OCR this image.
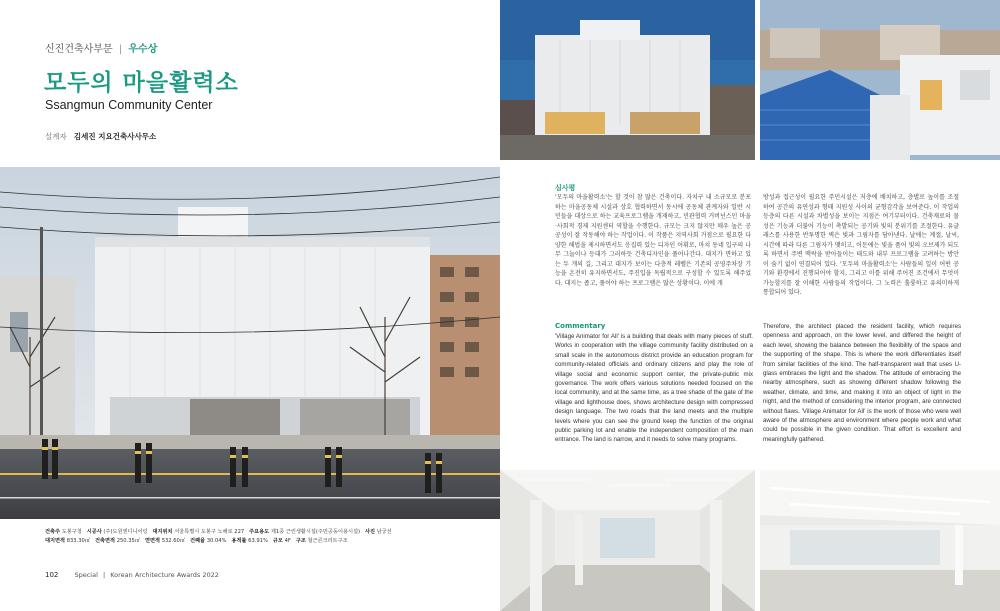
신진건축사부문 | 우수상
모두의 마을활력소
Ssangmun Community Center
설계자 김세진 지요건축사사무소
심사평

'모두의 마을활력소'는 할 것이 참 많은 건축이다. 자치구 내 소규모로 분포하는 마을공동체 시설과 상호 협력하면서 동시에 공동체 관계자와 일반 시민들을 대상으로 하는 교육프로그램을 개재하고, 민관협력 거버넌스인 마을·사회적 경제 지원센터 역할을 수행한다. 규모는 크지 않지만 매우 높은 공공성이 잘 작동해야 하는 작업이다. 이 작품은 지역사회 거점으로 필요한 다양한 해법을 제시하면서도 응집력 있는 디자인 어휘로, 마치 동네 입구의 나무 그늘이나 등대가 그러하듯 건축디자인을 풀어나간다. 대지가 면하고 있는 두 개의 길, 그리고 대지가 보이는 다층적 레벨은 기존의 공영주차장 기능을 온전히 유지하면서도, 주진입을 독립적으로 구성할 수 있도록 해주었다. 대지는 좁고, 풀어야 하는 프로그램은 많은 상황이다. 이에 개

방성과 접근성이 필요한 주민시설은 저층에 배치하고, 층별로 높이를 조절하여 공간의 유연성과 형태 지원성 사이의 균형감각을 보여준다. 이 작업의 등층의 다른 시설과 차별성을 보이는 지점은 여기부터이다. 건축재료의 물성은 기능과 더불어 기능이 촉발되는 공기와 빛의 분위기를 조절한다. 유글래스를 사용한 반투명한 벽은 빛과 그림자를 담아낸다. 날에는 계절, 날씨, 시간에 따라 다른 그림자가 맺히고, 어둔에는 빛을 품어 빛의 오브제가 되도록 하면서 주변 맥락을 받아들이는 태도와 내부 프로그램을 고려하는 방안이 숨기 없이 연결되어 있다. '모두의 마을활력소'는 사람들의 일이 어떤 공기와 환경에서 진행되어야 할지, 그리고 이를 위해 주어진 조건에서 무엇이 가능할지를 잘 이해한 사람들의 작업이다. 그 노력은 훌륭하고 유의미하게 통합되어 있다.

Commentary

'Village Animator for All' is a building that deals with many pieces of stuff. Works in cooperation with the village community facility distributed on a small scale in the autonomous district provide an education program for community-related officials and ordinary citizens and play the role of village social and economic support center, the private-public mix governance. The work offers various solutions needed focused on the local community, and at the same time, as a tree shade of the gate of the village and lighthouse does, shows architecture design with compressed design language. The two roads that the land meets and the multiple levels where you can see the ground keep the function of the original public parking lot and enable the independent composition of the main entrance. The land is narrow, and it needs to solve many programs.

Therefore, the architect placed the resident facility, which requires openness and approach, on the lower level, and differed the height of each level, showing the balance between the flexibility of the space and the supporting of the shape. This is where the work differentiates itself from similar facilities of the kind. The half-transparent wall that uses U-glass embraces the light and the shadow. The attitude of embracing the nearby atmosphere, such as showing different shadow following the weather, climate, and time, and making it into an object of light in the night, and the method of considering the interior program, are connected without flaws. 'Village Animator for All' is the work of those who were well aware of the atmosphere and environment where people work and what could be possible in the given condition. That effort is excellent and meaningfully gathered.

건축주 도봉구청 시공사 (주)도원엔디니어링 대지위치 서울특별시 도봉구 노해로 227 주요용도 제1종 근린생활시설(주민공동이용시설) 사진 남궁선
대지면적 833.30㎡ 건축면적 250.35㎡ 연면적 532.60㎡ 건폐율 30.04% 용적률 63.91% 규모 4F 구조 철근콘크리트구조
102 Special | Korean Architecture Awards 2022
